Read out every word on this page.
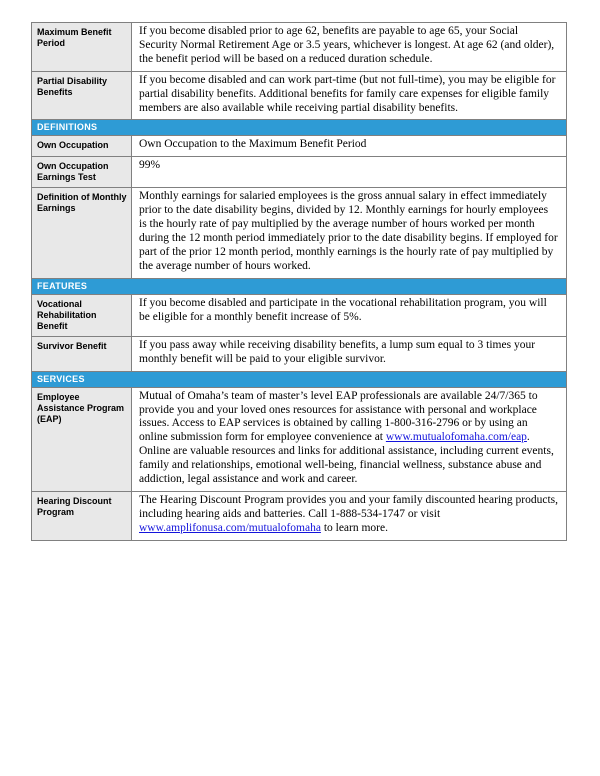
Maximum Benefit Period	If you become disabled prior to age 62, benefits are payable to age 65, your Social Security Normal Retirement Age or 3.5 years, whichever is longest. At age 62 (and older), the benefit period will be based on a reduced duration schedule.
Partial Disability Benefits	If you become disabled and can work part-time (but not full-time), you may be eligible for partial disability benefits. Additional benefits for family care expenses for eligible family members are also available while receiving partial disability benefits.
DEFINITIONS	
Own Occupation	Own Occupation to the Maximum Benefit Period
Own Occupation Earnings Test	99%
Definition of Monthly Earnings	Monthly earnings for salaried employees is the gross annual salary in effect immediately prior to the date disability begins, divided by 12. Monthly earnings for hourly employees is the hourly rate of pay multiplied by the average number of hours worked per month during the 12 month period immediately prior to the date disability begins. If employed for part of the prior 12 month period, monthly earnings is the hourly rate of pay multiplied by the average number of hours worked.
FEATURES	
Vocational Rehabilitation Benefit	If you become disabled and participate in the vocational rehabilitation program, you will be eligible for a monthly benefit increase of 5%.
Survivor Benefit	If you pass away while receiving disability benefits, a lump sum equal to 3 times your monthly benefit will be paid to your eligible survivor.
SERVICES	
Employee Assistance Program (EAP)	Mutual of Omaha’s team of master’s level EAP professionals are available 24/7/365 to provide you and your loved ones resources for assistance with personal and workplace issues. Access to EAP services is obtained by calling 1-800-316-2796 or by using an online submission form for employee convenience at www.mutualofomaha.com/eap. Online are valuable resources and links for additional assistance, including current events, family and relationships, emotional well-being, financial wellness, substance abuse and addiction, legal assistance and work and career.
Hearing Discount Program	The Hearing Discount Program provides you and your family discounted hearing products, including hearing aids and batteries. Call 1-888-534-1747 or visit www.amplifonusa.com/mutualofomaha to learn more.
